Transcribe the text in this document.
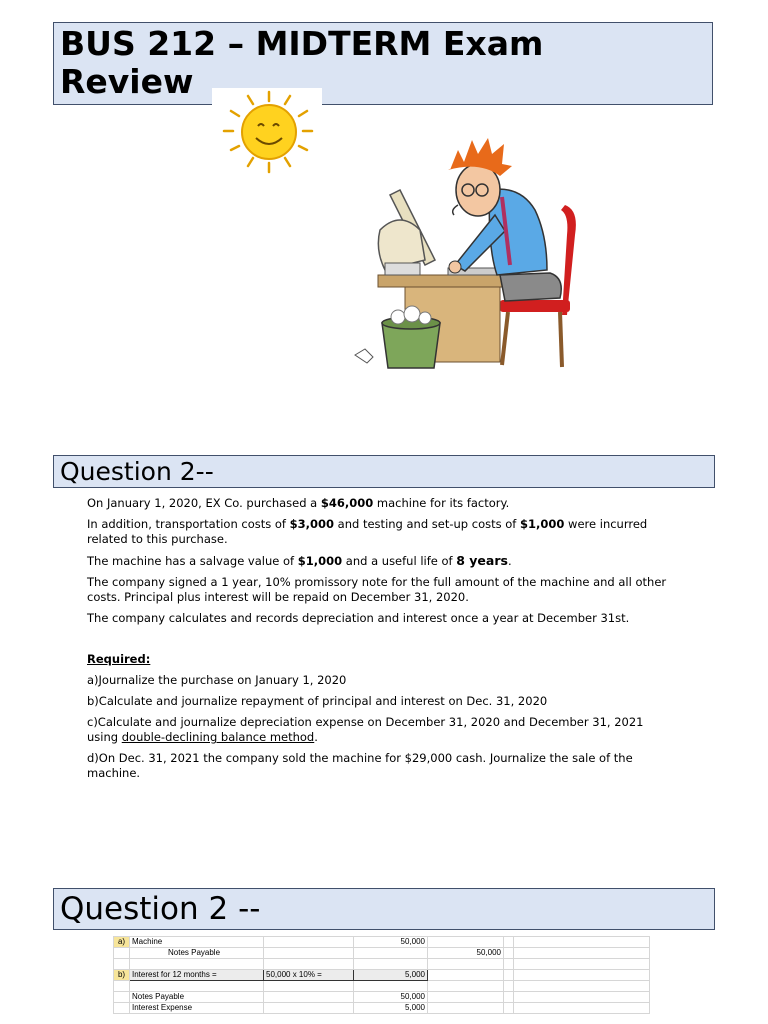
BUS 212 – MIDTERM Exam Review
Question 2--

On January 1, 2020, EX Co. purchased a $46,000 machine for its factory.

In addition, transportation costs of $3,000 and testing and set-up costs of $1,000 were incurred related to this purchase.

The machine has a salvage value of $1,000 and a useful life of 8 years.

The company signed a 1 year, 10% promissory note for the full amount of the machine and all other costs. Principal plus interest will be repaid on December 31, 2020.

The company calculates and records depreciation and interest once a year at December 31st.

Required:

a)Journalize the purchase on January 1, 2020

b)Calculate and journalize repayment of principal and interest on Dec. 31, 2020

c)Calculate and journalize depreciation expense on December 31, 2020 and December 31, 2021 using double-declining balance method.

d)On Dec. 31, 2021 the company sold the machine for $29,000 cash. Journalize the sale of the machine.

Question 2 --
a)	Machine		50,000			
	Notes Payable			50,000		

b)	Interest for 12 months =	50,000 x 10% =	5,000			

	Notes Payable		50,000			
	Interest Expense		5,000			
